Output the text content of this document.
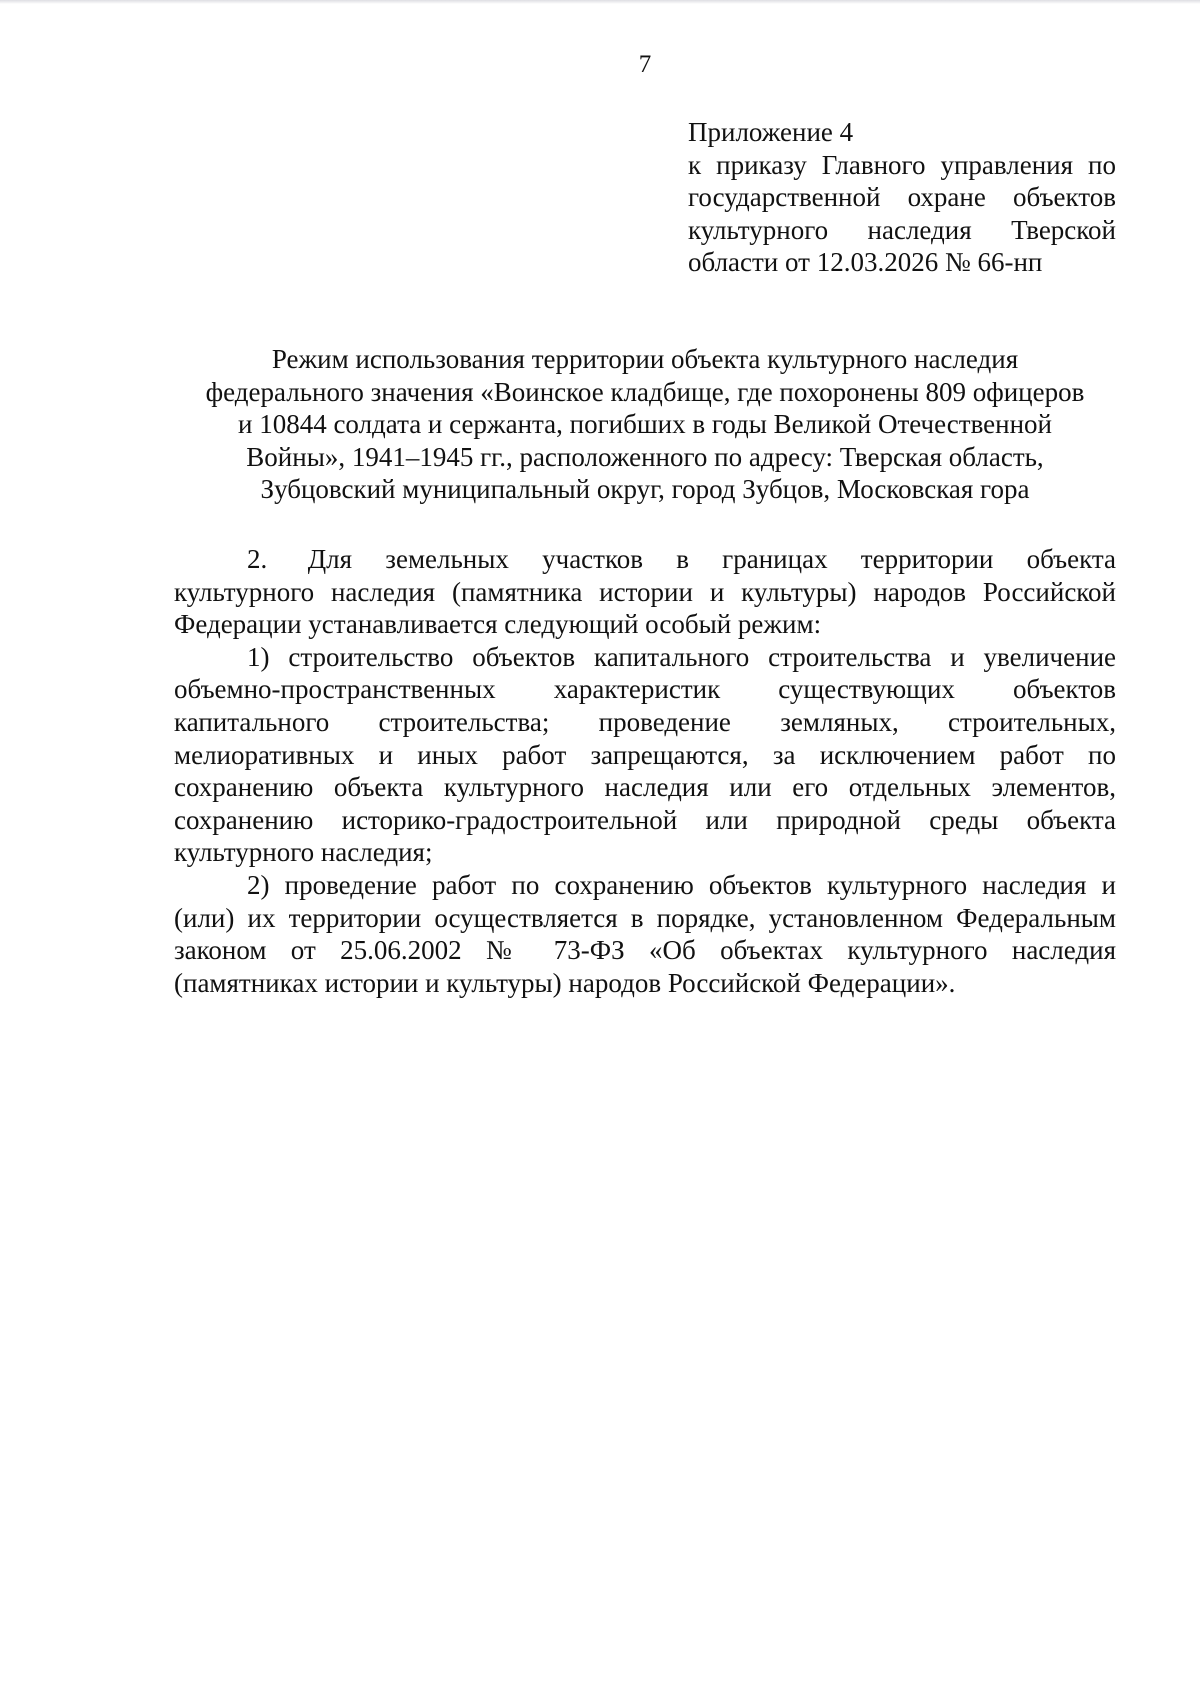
7
Приложение 4
к приказу Главного управления по
государственной охране объектов
культурного наследия Тверской
области от 12.03.2026 № 66-нп
Режим использования территории объекта культурного наследия
федерального значения «Воинское кладбище, где похоронены 809 офицеров
и 10844 солдата и сержанта, погибших в годы Великой Отечественной
Войны», 1941–1945 гг., расположенного по адресу: Тверская область,
Зубцовский муниципальный округ, город Зубцов, Московская гора
2.   Для земельных участков в границах территории объекта
культурного наследия (памятника истории и культуры) народов Российской
Федерации устанавливается следующий особый режим:
1) строительство объектов капитального строительства и увеличение
объемно-пространственных характеристик существующих объектов
капитального строительства; проведение земляных, строительных,
мелиоративных и иных работ запрещаются, за исключением работ по
сохранению объекта культурного наследия или его отдельных элементов,
сохранению историко-градостроительной или природной среды объекта
культурного наследия;
2) проведение работ по сохранению объектов культурного наследия и
(или) их территории осуществляется в порядке, установленном Федеральным
законом от 25.06.2002 № 73-ФЗ «Об объектах культурного наследия
(памятниках истории и культуры) народов Российской Федерации».
